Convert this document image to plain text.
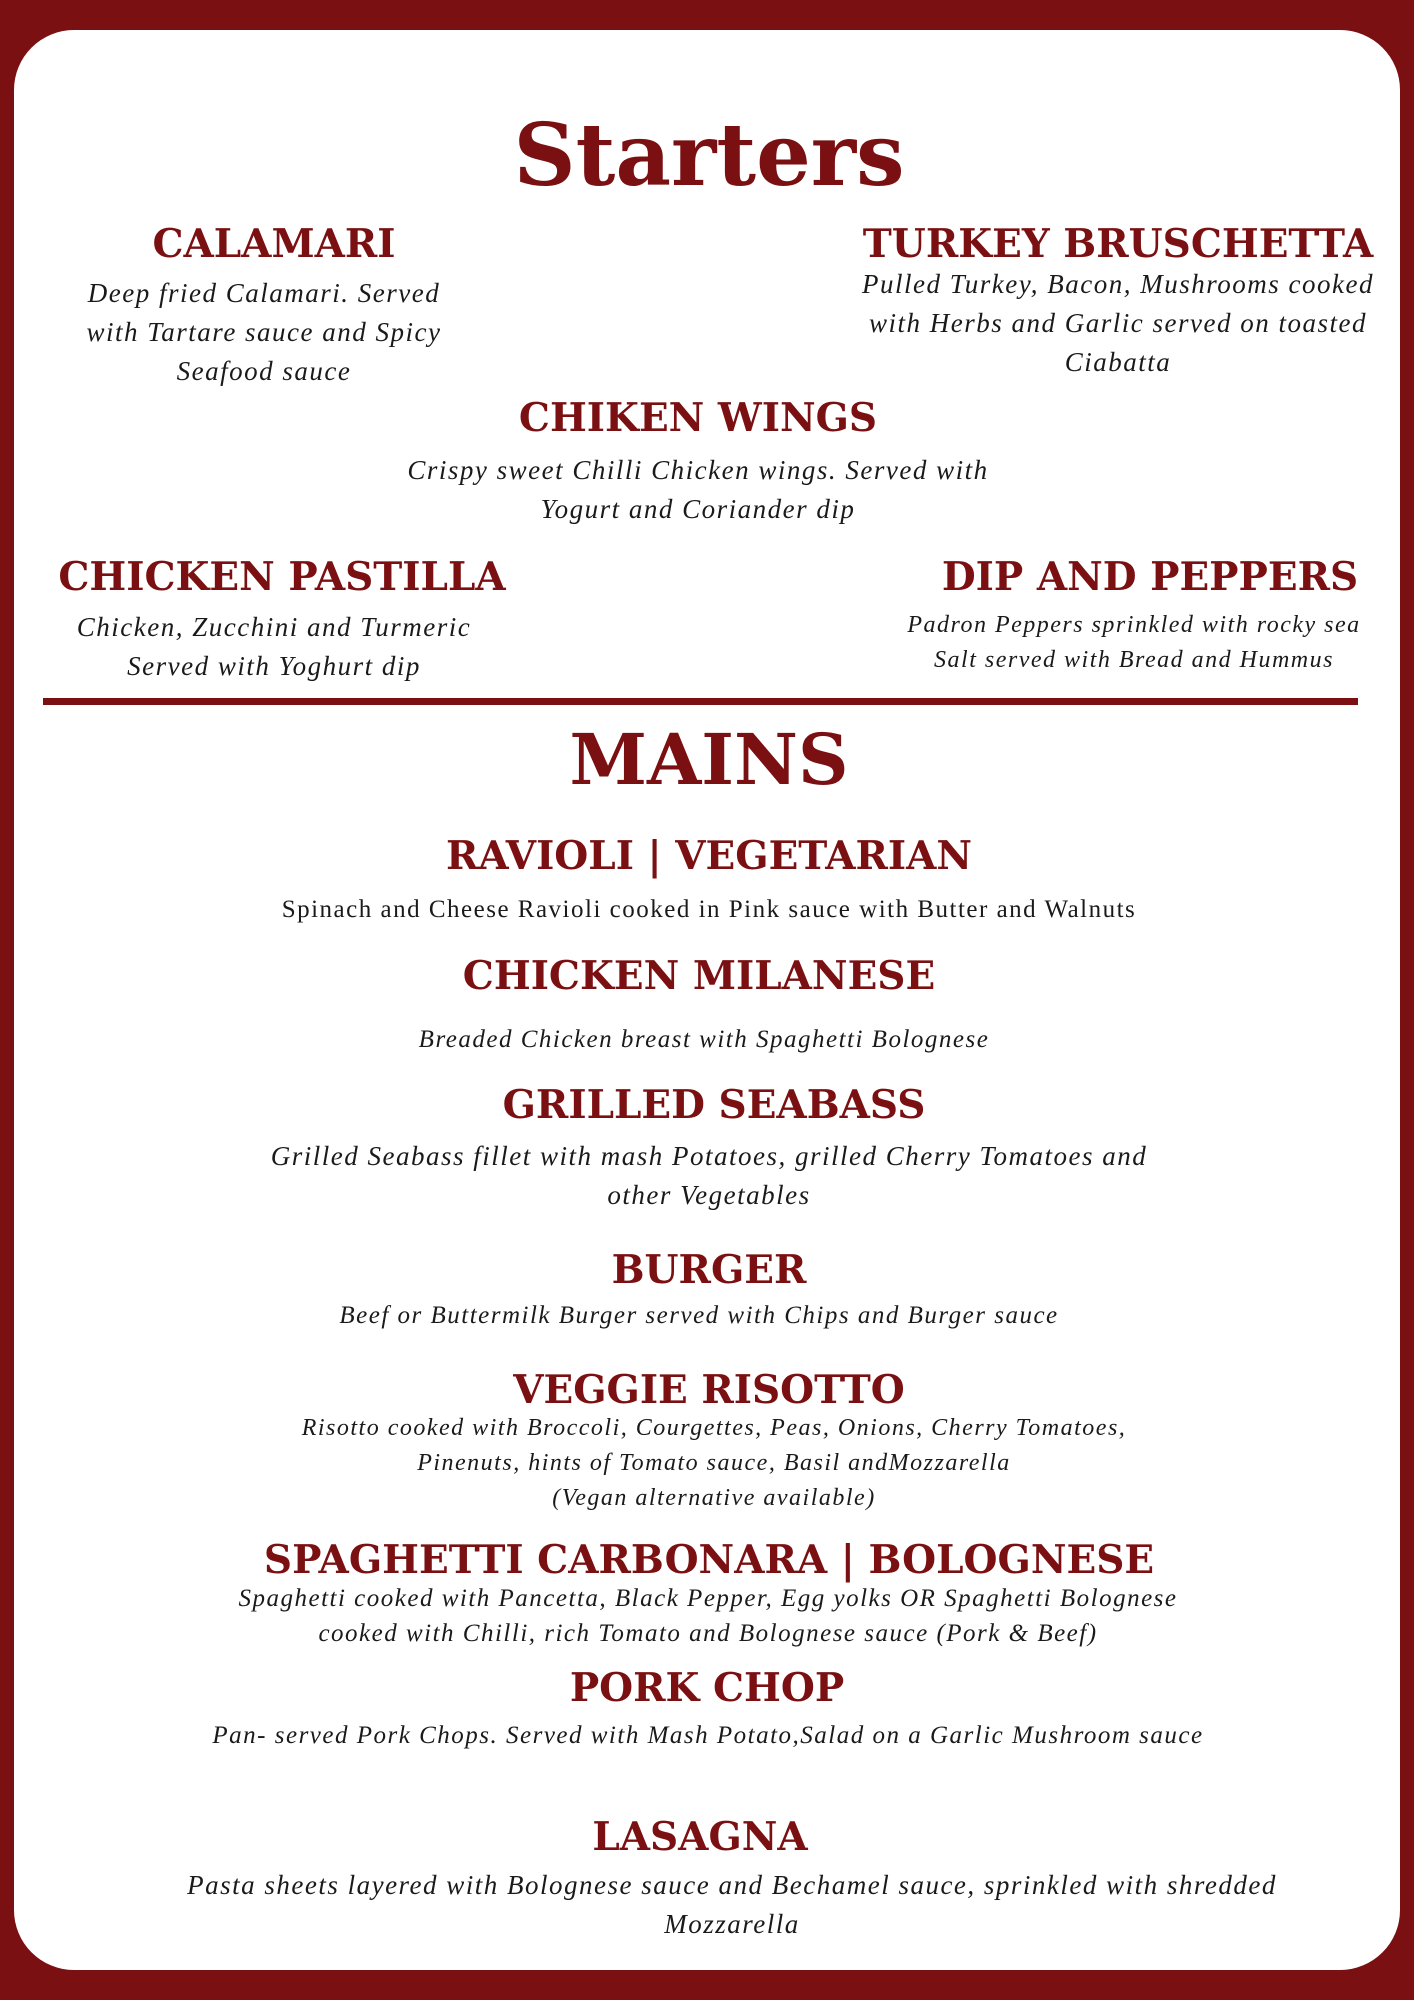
Starters
CALAMARI
Deep fried Calamari. Served
with Tartare sauce and Spicy
Seafood sauce
TURKEY BRUSCHETTA
Pulled Turkey, Bacon, Mushrooms cooked
with Herbs and Garlic served on toasted
Ciabatta
CHIKEN WINGS
Crispy sweet Chilli Chicken wings. Served with
Yogurt and Coriander dip
CHICKEN PASTILLA
Chicken, Zucchini and Turmeric
Served with Yoghurt dip
DIP AND PEPPERS
Padron Peppers sprinkled with rocky sea
Salt served with Bread and Hummus
MAINS
RAVIOLI | VEGETARIAN
Spinach and Cheese Ravioli cooked in Pink sauce with Butter and Walnuts
CHICKEN MILANESE
Breaded Chicken breast with Spaghetti Bolognese
GRILLED SEABASS
Grilled Seabass fillet with mash Potatoes, grilled Cherry Tomatoes and
other Vegetables
BURGER
Beef or Buttermilk Burger served with Chips and Burger sauce
VEGGIE RISOTTO
Risotto cooked with Broccoli, Courgettes, Peas, Onions, Cherry Tomatoes,
Pinenuts, hints of Tomato sauce, Basil andMozzarella
(Vegan alternative available)
SPAGHETTI CARBONARA | BOLOGNESE
Spaghetti cooked with Pancetta, Black Pepper, Egg yolks OR Spaghetti Bolognese
cooked with Chilli, rich Tomato and Bolognese sauce (Pork & Beef)
PORK CHOP
Pan- served Pork Chops. Served with Mash Potato,Salad on a Garlic Mushroom sauce
LASAGNA
Pasta sheets layered with Bolognese sauce and Bechamel sauce, sprinkled with shredded
Mozzarella
